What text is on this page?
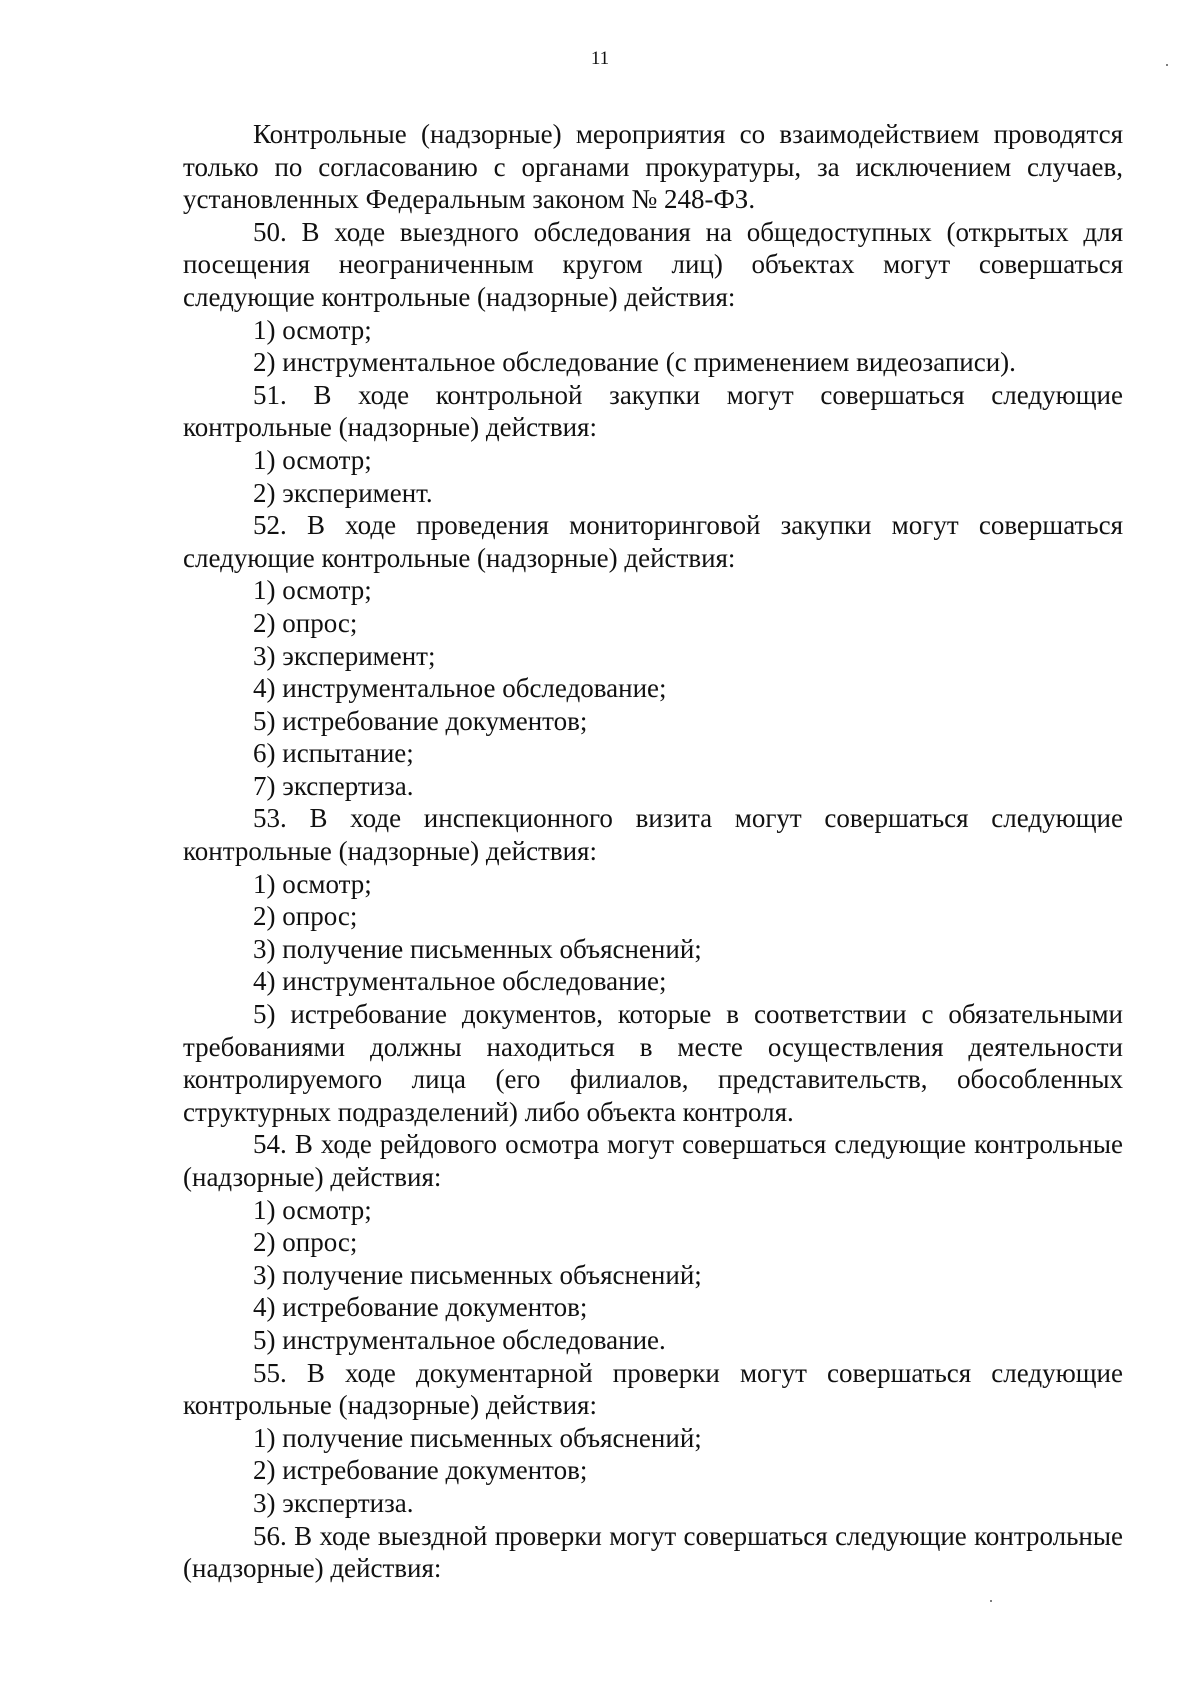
11

Контрольные (надзорные) мероприятия со взаимодействием проводятся только по согласованию с органами прокуратуры, за исключением случаев, установленных Федеральным законом № 248-ФЗ.

50. В ходе выездного обследования на общедоступных (открытых для посещения неограниченным кругом лиц) объектах могут совершаться следующие контрольные (надзорные) действия:

1) осмотр;
2) инструментальное обследование (с применением видеозаписи).

51. В ходе контрольной закупки могут совершаться следующие контрольные (надзорные) действия:

1) осмотр;
2) эксперимент.

52. В ходе проведения мониторинговой закупки могут совершаться следующие контрольные (надзорные) действия:

1) осмотр;
2) опрос;
3) эксперимент;
4) инструментальное обследование;
5) истребование документов;
6) испытание;
7) экспертиза.

53. В ходе инспекционного визита могут совершаться следующие контрольные (надзорные) действия:

1) осмотр;
2) опрос;
3) получение письменных объяснений;
4) инструментальное обследование;

5) истребование документов, которые в соответствии с обязательными требованиями должны находиться в месте осуществления деятельности контролируемого лица (его филиалов, представительств, обособленных структурных подразделений) либо объекта контроля.

54. В ходе рейдового осмотра могут совершаться следующие контрольные (надзорные) действия:

1) осмотр;
2) опрос;
3) получение письменных объяснений;
4) истребование документов;
5) инструментальное обследование.

55. В ходе документарной проверки могут совершаться следующие контрольные (надзорные) действия:

1) получение письменных объяснений;
2) истребование документов;
3) экспертиза.

56. В ходе выездной проверки могут совершаться следующие контрольные (надзорные) действия:
